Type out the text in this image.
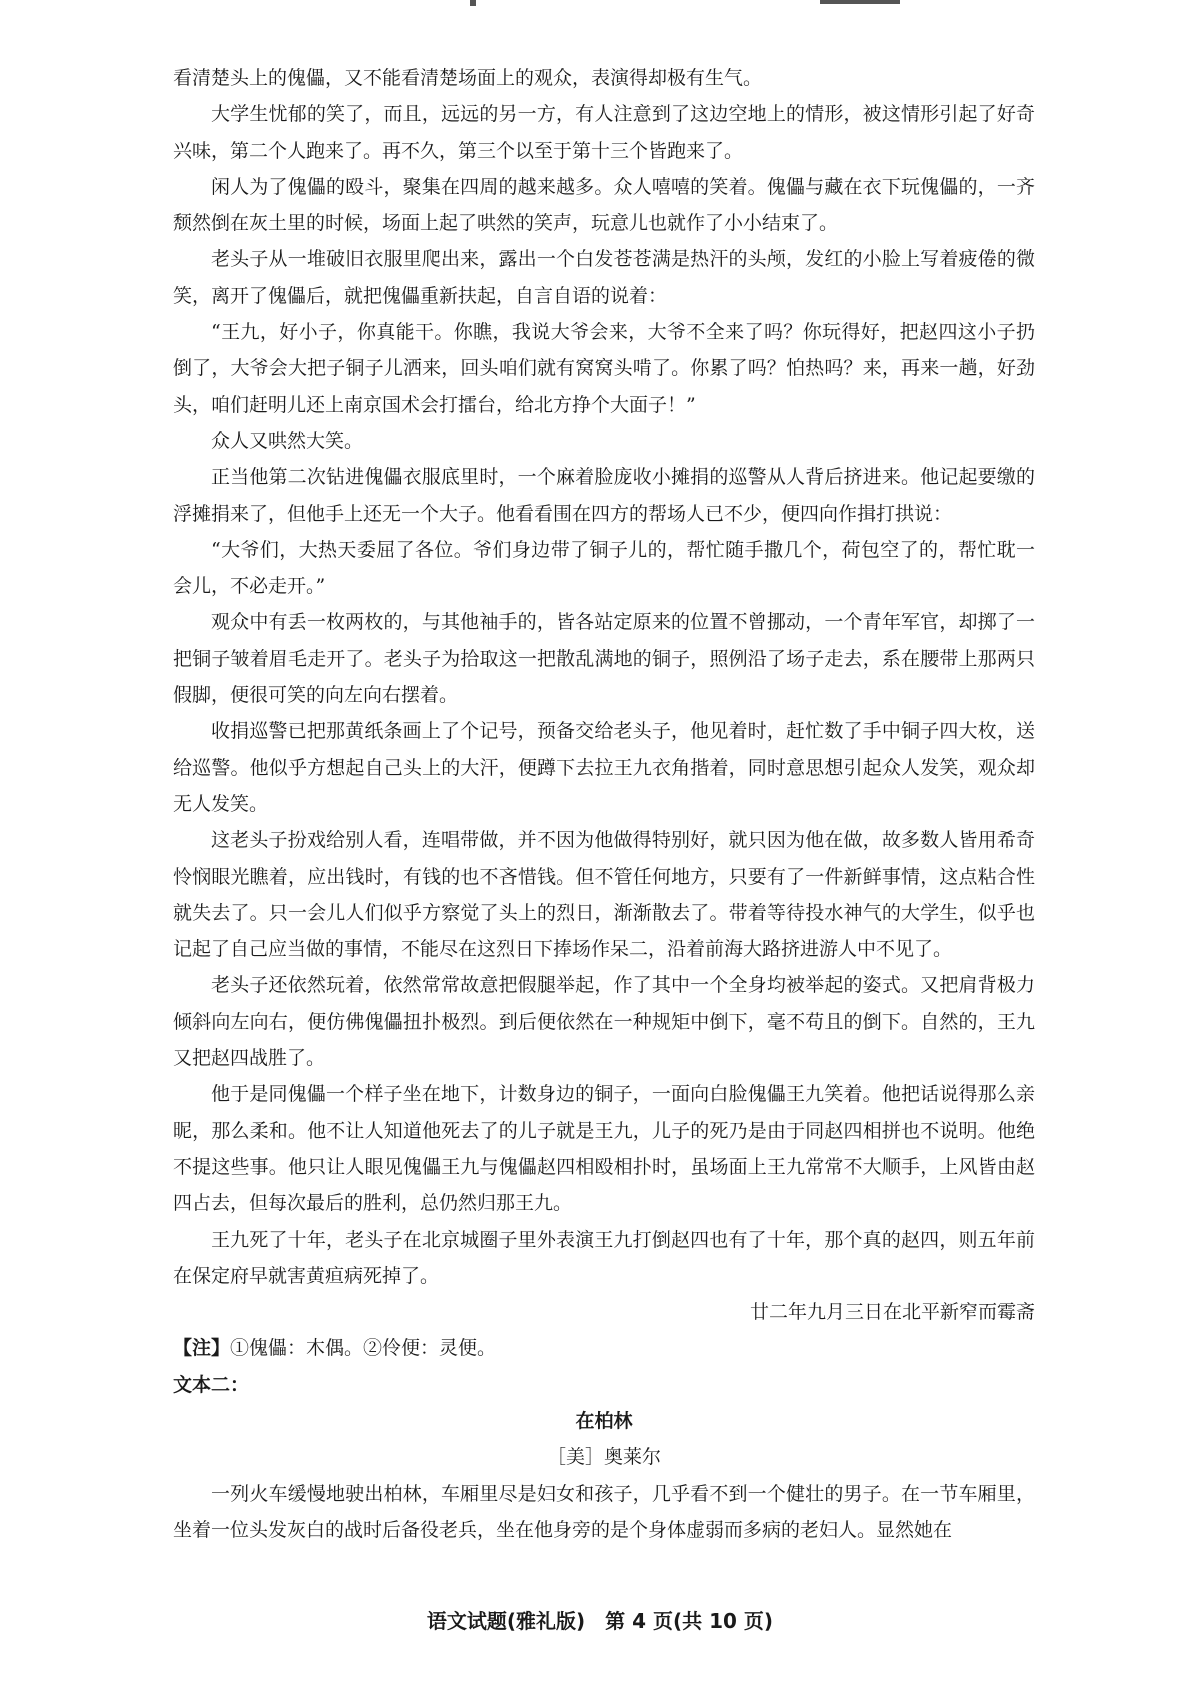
看清楚头上的傀儡，又不能看清楚场面上的观众，表演得却极有生气。

大学生忧郁的笑了，而且，远远的另一方，有人注意到了这边空地上的情形，被这情形引起了好奇兴味，第二个人跑来了。再不久，第三个以至于第十三个皆跑来了。

闲人为了傀儡的殴斗，聚集在四周的越来越多。众人嘻嘻的笑着。傀儡与藏在衣下玩傀儡的，一齐颓然倒在灰土里的时候，场面上起了哄然的笑声，玩意儿也就作了小小结束了。

老头子从一堆破旧衣服里爬出来，露出一个白发苍苍满是热汗的头颅，发红的小脸上写着疲倦的微笑，离开了傀儡后，就把傀儡重新扶起，自言自语的说着：

“王九，好小子，你真能干。你瞧，我说大爷会来，大爷不全来了吗？你玩得好，把赵四这小子扔倒了，大爷会大把子铜子儿洒来，回头咱们就有窝窝头啃了。你累了吗？怕热吗？来，再来一趟，好劲头，咱们赶明儿还上南京国术会打擂台，给北方挣个大面子！”

众人又哄然大笑。

正当他第二次钻进傀儡衣服底里时，一个麻着脸庞收小摊捐的巡警从人背后挤进来。他记起要缴的浮摊捐来了，但他手上还无一个大子。他看看围在四方的帮场人已不少，便四向作揖打拱说：

“大爷们，大热天委屈了各位。爷们身边带了铜子儿的，帮忙随手撒几个，荷包空了的，帮忙耽一会儿，不必走开。”

观众中有丢一枚两枚的，与其他袖手的，皆各站定原来的位置不曾挪动，一个青年军官，却掷了一把铜子皱着眉毛走开了。老头子为拾取这一把散乱满地的铜子，照例沿了场子走去，系在腰带上那两只假脚，便很可笑的向左向右摆着。

收捐巡警已把那黄纸条画上了个记号，预备交给老头子，他见着时，赶忙数了手中铜子四大枚，送给巡警。他似乎方想起自己头上的大汗，便蹲下去拉王九衣角揩着，同时意思想引起众人发笑，观众却无人发笑。

这老头子扮戏给别人看，连唱带做，并不因为他做得特别好，就只因为他在做，故多数人皆用希奇怜悯眼光瞧着，应出钱时，有钱的也不吝惜钱。但不管任何地方，只要有了一件新鲜事情，这点粘合性就失去了。只一会儿人们似乎方察觉了头上的烈日，渐渐散去了。带着等待投水神气的大学生，似乎也记起了自己应当做的事情，不能尽在这烈日下捧场作呆二，沿着前海大路挤进游人中不见了。

老头子还依然玩着，依然常常故意把假腿举起，作了其中一个全身均被举起的姿式。又把肩背极力倾斜向左向右，便仿佛傀儡扭扑极烈。到后便依然在一种规矩中倒下，毫不苟且的倒下。自然的，王九又把赵四战胜了。

他于是同傀儡一个样子坐在地下，计数身边的铜子，一面向白脸傀儡王九笑着。他把话说得那么亲昵，那么柔和。他不让人知道他死去了的儿子就是王九，儿子的死乃是由于同赵四相拼也不说明。他绝不提这些事。他只让人眼见傀儡王九与傀儡赵四相殴相扑时，虽场面上王九常常不大顺手，上风皆由赵四占去，但每次最后的胜利，总仍然归那王九。

王九死了十年，老头子在北京城圈子里外表演王九打倒赵四也有了十年，那个真的赵四，则五年前在保定府早就害黄疸病死掉了。

廿二年九月三日在北平新窄而霉斋

【注】①傀儡：木偶。②伶便：灵便。

文本二：

在柏林

［美］奥莱尔

一列火车缓慢地驶出柏林，车厢里尽是妇女和孩子，几乎看不到一个健壮的男子。在一节车厢里，坐着一位头发灰白的战时后备役老兵，坐在他身旁的是个身体虚弱而多病的老妇人。显然她在

语文试题(雅礼版)　第 4 页(共 10 页)
